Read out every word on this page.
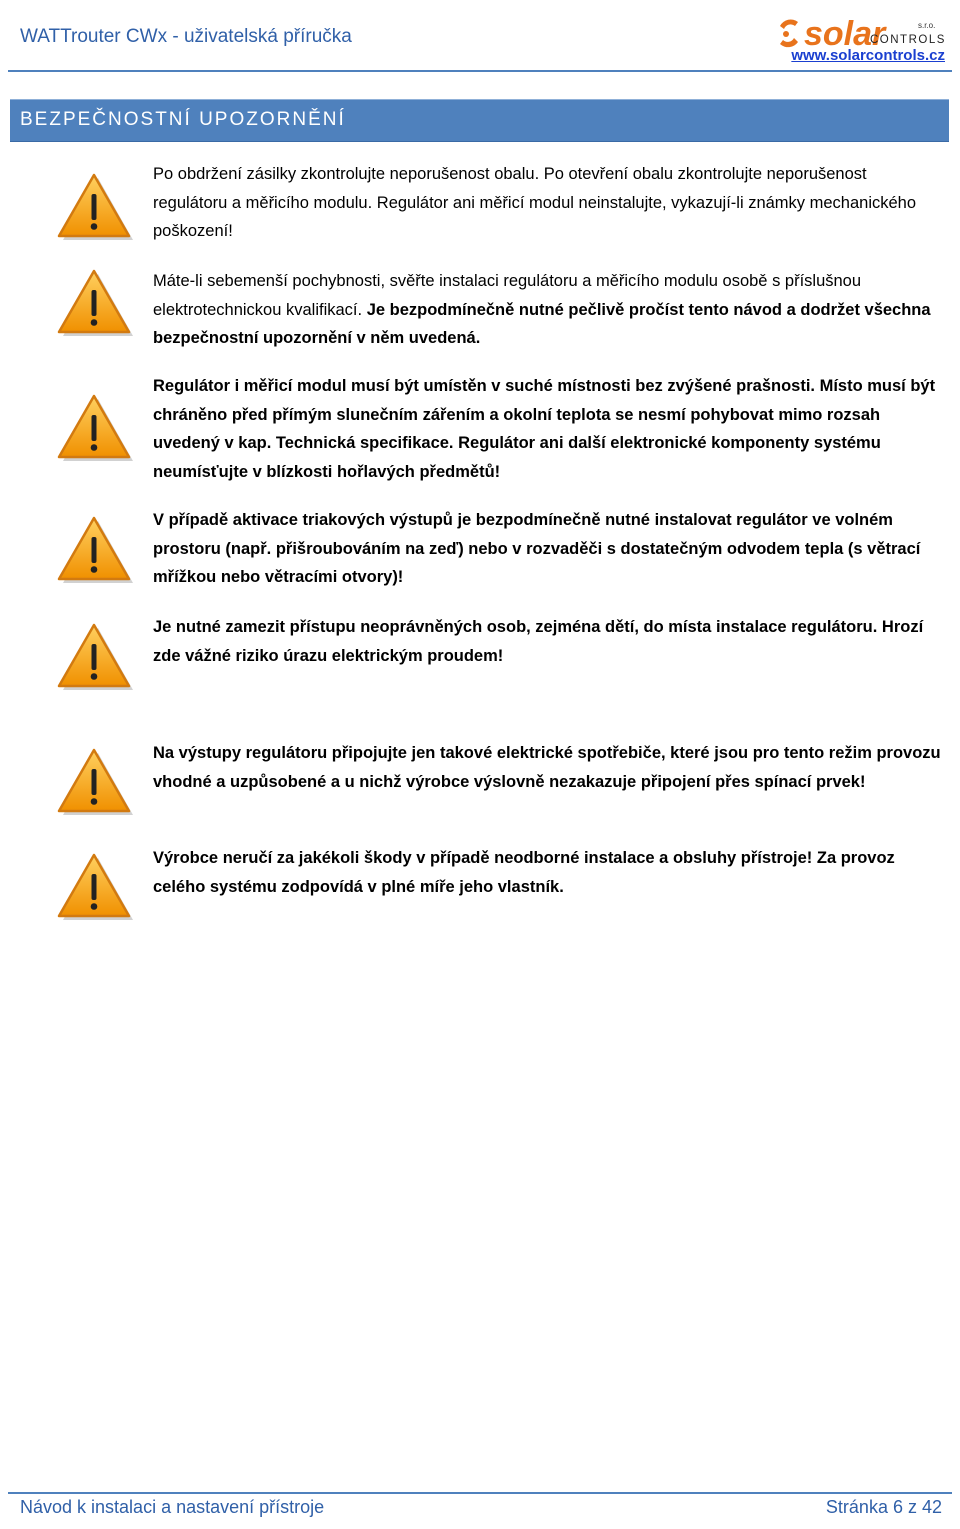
WATTrouter CWx - uživatelská příručka	solar	s.r.o.
CONTROLS
www.solarcontrols.cz
BEZPEČNOSTNÍ UPOZORNĚNÍ

Po obdržení zásilky zkontrolujte neporušenost obalu. Po otevření obalu zkontrolujte neporušenost regulátoru a měřicího modulu. Regulátor ani měřicí modul neinstalujte, vykazují-li známky mechanického poškození!

Máte-li sebemenší pochybnosti, svěřte instalaci regulátoru a měřicího modulu osobě s příslušnou elektrotechnickou kvalifikací. Je bezpodmínečně nutné pečlivě pročíst tento návod a dodržet všechna bezpečnostní upozornění v něm uvedená.

Regulátor i měřicí modul musí být umístěn v suché místnosti bez zvýšené prašnosti. Místo musí být chráněno před přímým slunečním zářením a okolní teplota se nesmí pohybovat mimo rozsah uvedený v kap. Technická specifikace. Regulátor ani další elektronické komponenty systému neumísťujte v blízkosti hořlavých předmětů!

V případě aktivace triakových výstupů je bezpodmínečně nutné instalovat regulátor ve volném prostoru (např. přišroubováním na zeď) nebo v rozvaděči s dostatečným odvodem tepla (s větrací mřížkou nebo větracími otvory)!

Je nutné zamezit přístupu neoprávněných osob, zejména dětí, do místa instalace regulátoru. Hrozí zde vážné riziko úrazu elektrickým proudem!

Na výstupy regulátoru připojujte jen takové elektrické spotřebiče, které jsou pro tento režim provozu vhodné a uzpůsobené a u nichž výrobce výslovně nezakazuje připojení přes spínací prvek!

Výrobce neručí za jakékoli škody v případě neodborné instalace a obsluhy přístroje! Za provoz celého systému zodpovídá v plné míře jeho vlastník.

Návod k instalaci a nastavení přístroje	Stránka 6 z 42
